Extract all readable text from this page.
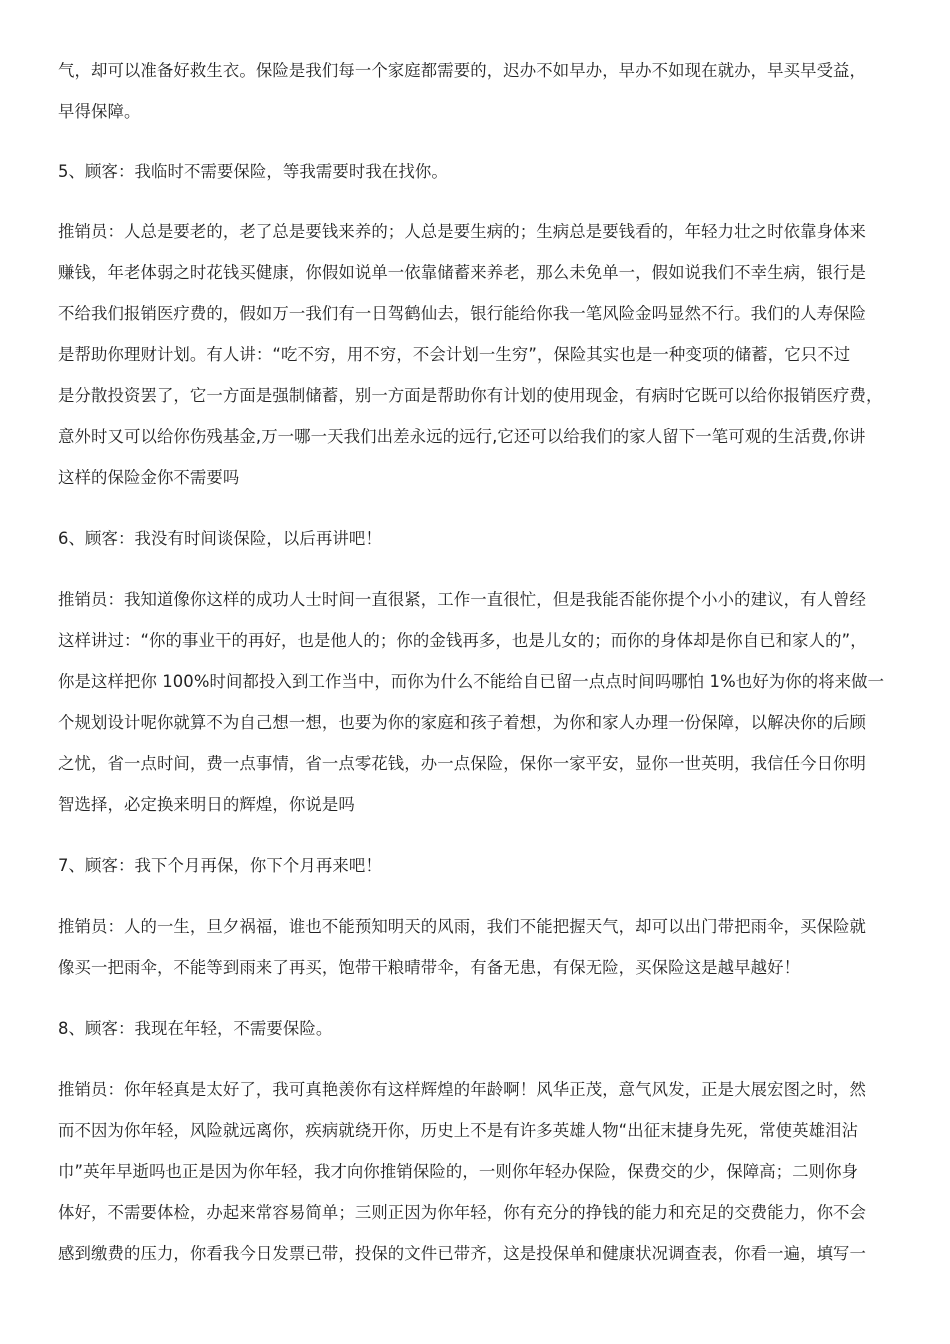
气，却可以准备好救生衣。保险是我们每一个家庭都需要的，迟办不如早办，早办不如现在就办，早买早受益，
早得保障。
5、顾客：我临时不需要保险，等我需要时我在找你。
推销员：人总是要老的，老了总是要钱来养的；人总是要生病的；生病总是要钱看的，年轻力壮之时依靠身体来
赚钱，年老体弱之时花钱买健康，你假如说单一依靠储蓄来养老，那么未免单一，假如说我们不幸生病，银行是
不给我们报销医疗费的，假如万一我们有一日驾鹤仙去，银行能给你我一笔风险金吗显然不行。我们的人寿保险
是帮助你理财计划。有人讲：“吃不穷，用不穷，不会计划一生穷”，保险其实也是一种变项的储蓄，它只不过
是分散投资罢了，它一方面是强制储蓄，别一方面是帮助你有计划的使用现金，有病时它既可以给你报销医疗费，
意外时又可以给你伤残基金,万一哪一天我们出差永远的远行,它还可以给我们的家人留下一笔可观的生活费,你讲
这样的保险金你不需要吗
6、顾客：我没有时间谈保险，以后再讲吧！
推销员：我知道像你这样的成功人士时间一直很紧，工作一直很忙，但是我能否能你提个小小的建议，有人曾经
这样讲过：“你的事业干的再好，也是他人的；你的金钱再多，也是儿女的；而你的身体却是你自已和家人的”，
你是这样把你 100%时间都投入到工作当中，而你为什么不能给自已留一点点时间吗哪怕 1%也好为你的将来做一
个规划设计呢你就算不为自己想一想，也要为你的家庭和孩子着想，为你和家人办理一份保障，以解决你的后顾
之忧，省一点时间，费一点事情，省一点零花钱，办一点保险，保你一家平安，显你一世英明，我信任今日你明
智选择，必定换来明日的辉煌，你说是吗
7、顾客：我下个月再保，你下个月再来吧！
推销员：人的一生，旦夕祸福，谁也不能预知明天的风雨，我们不能把握天气，却可以出门带把雨伞，买保险就
像买一把雨伞，不能等到雨来了再买，饱带干粮晴带伞，有备无患，有保无险，买保险这是越早越好！
8、顾客：我现在年轻，不需要保险。
推销员：你年轻真是太好了，我可真艳羡你有这样辉煌的年龄啊！风华正茂，意气风发，正是大展宏图之时，然
而不因为你年轻，风险就远离你，疾病就绕开你，历史上不是有许多英雄人物“出征末捷身先死，常使英雄泪沾
巾”英年早逝吗也正是因为你年轻，我才向你推销保险的，一则你年轻办保险，保费交的少，保障高；二则你身
体好，不需要体检，办起来常容易简单；三则正因为你年轻，你有充分的挣钱的能力和充足的交费能力，你不会
感到缴费的压力，你看我今日发票已带，投保的文件已带齐，这是投保单和健康状况调查表，你看一遍，填写一
